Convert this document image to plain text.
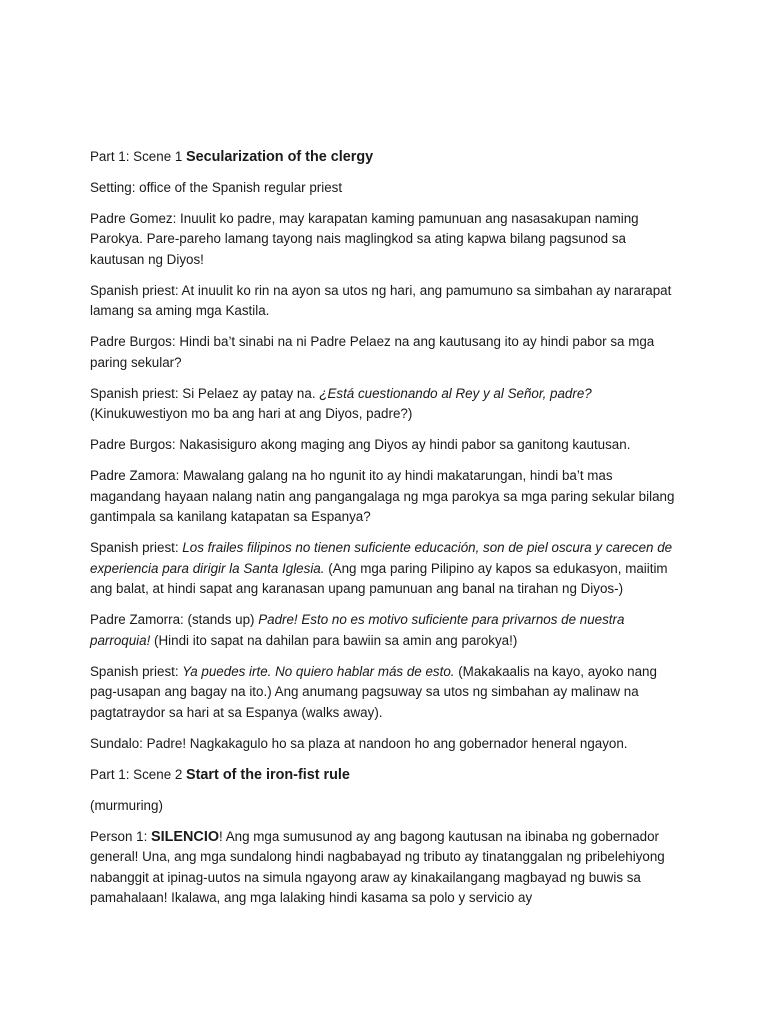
Part 1: Scene 1 Secularization of the clergy

Setting: office of the Spanish regular priest

Padre Gomez: Inuulit ko padre, may karapatan kaming pamunuan ang nasasakupan naming Parokya. Pare-pareho lamang tayong nais maglingkod sa ating kapwa bilang pagsunod sa kautusan ng Diyos!

Spanish priest: At inuulit ko rin na ayon sa utos ng hari, ang pamumuno sa simbahan ay nararapat lamang sa aming mga Kastila.

Padre Burgos: Hindi ba’t sinabi na ni Padre Pelaez na ang kautusang ito ay hindi pabor sa mga paring sekular?

Spanish priest: Si Pelaez ay patay na. ¿Está cuestionando al Rey y al Señor, padre? (Kinukuwestiyon mo ba ang hari at ang Diyos, padre?)

Padre Burgos: Nakasisiguro akong maging ang Diyos ay hindi pabor sa ganitong kautusan.

Padre Zamora: Mawalang galang na ho ngunit ito ay hindi makatarungan, hindi ba’t mas magandang hayaan nalang natin ang pangangalaga ng mga parokya sa mga paring sekular bilang gantimpala sa kanilang katapatan sa Espanya?

Spanish priest: Los frailes filipinos no tienen suficiente educación, son de piel oscura y carecen de experiencia para dirigir la Santa Iglesia. (Ang mga paring Pilipino ay kapos sa edukasyon, maiitim ang balat, at hindi sapat ang karanasan upang pamunuan ang banal na tirahan ng Diyos-)

Padre Zamorra: (stands up) Padre! Esto no es motivo suficiente para privarnos de nuestra parroquia! (Hindi ito sapat na dahilan para bawiin sa amin ang parokya!)

Spanish priest: Ya puedes irte. No quiero hablar más de esto. (Makakaalis na kayo, ayoko nang pag-usapan ang bagay na ito.) Ang anumang pagsuway sa utos ng simbahan ay malinaw na pagtatraydor sa hari at sa Espanya (walks away).

Sundalo: Padre! Nagkakagulo ho sa plaza at nandoon ho ang gobernador heneral ngayon.

Part 1: Scene 2 Start of the iron-fist rule

(murmuring)

Person 1: SILENCIO! Ang mga sumusunod ay ang bagong kautusan na ibinaba ng gobernador general! Una, ang mga sundalong hindi nagbabayad ng tributo ay tinatanggalan ng pribelehiyong nabanggit at ipinag-uutos na simula ngayong araw ay kinakailangang magbayad ng buwis sa pamahalaan! Ikalawa, ang mga lalaking hindi kasama sa polo y servicio ay
